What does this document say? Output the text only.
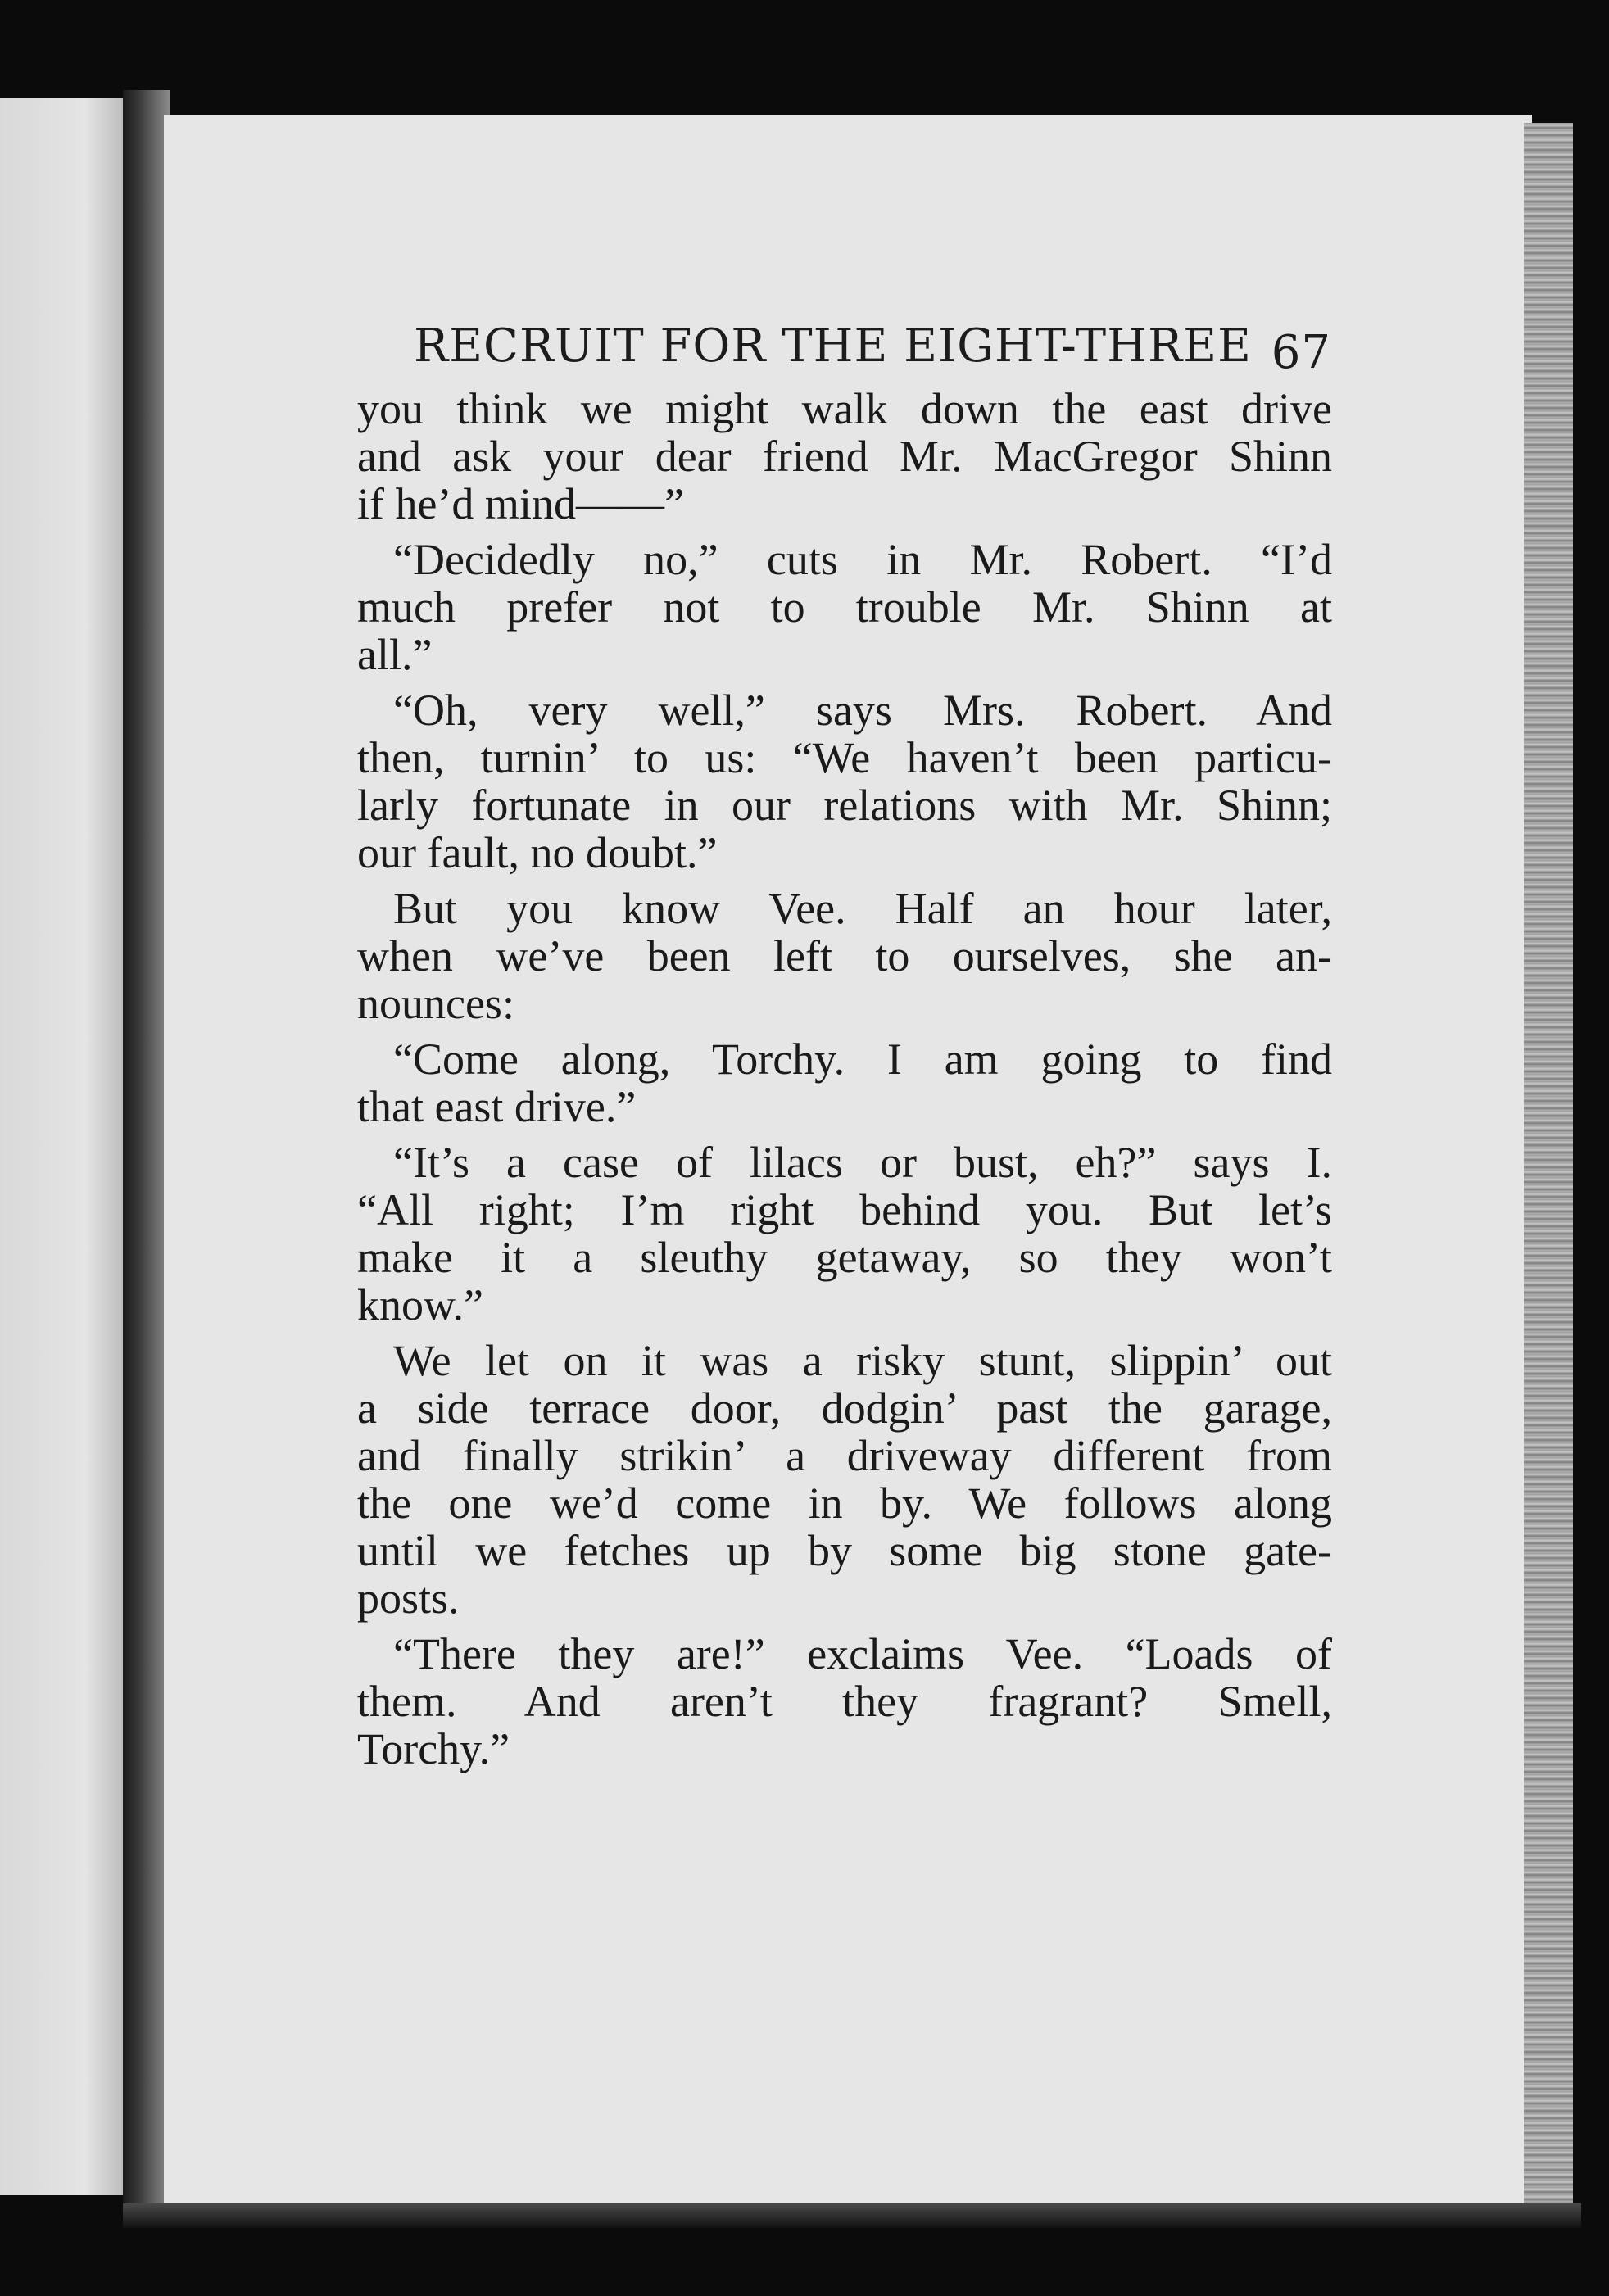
RECRUIT FOR THE EIGHT-THREE 67
you think we might walk down the east drive
and ask your dear friend Mr. MacGregor Shinn
if he’d mind——”
“Decidedly no,” cuts in Mr. Robert. “I’d
much prefer not to trouble Mr. Shinn at
all.”
“Oh, very well,” says Mrs. Robert. And
then, turnin’ to us: “We haven’t been particu-
larly fortunate in our relations with Mr. Shinn;
our fault, no doubt.”
But you know Vee. Half an hour later,
when we’ve been left to ourselves, she an-
nounces:
“Come along, Torchy. I am going to find
that east drive.”
“It’s a case of lilacs or bust, eh?” says I.
“All right; I’m right behind you. But let’s
make it a sleuthy getaway, so they won’t
know.”
We let on it was a risky stunt, slippin’ out
a side terrace door, dodgin’ past the garage,
and finally strikin’ a driveway different from
the one we’d come in by. We follows along
until we fetches up by some big stone gate-
posts.
“There they are!” exclaims Vee. “Loads of
them. And aren’t they fragrant? Smell,
Torchy.”
